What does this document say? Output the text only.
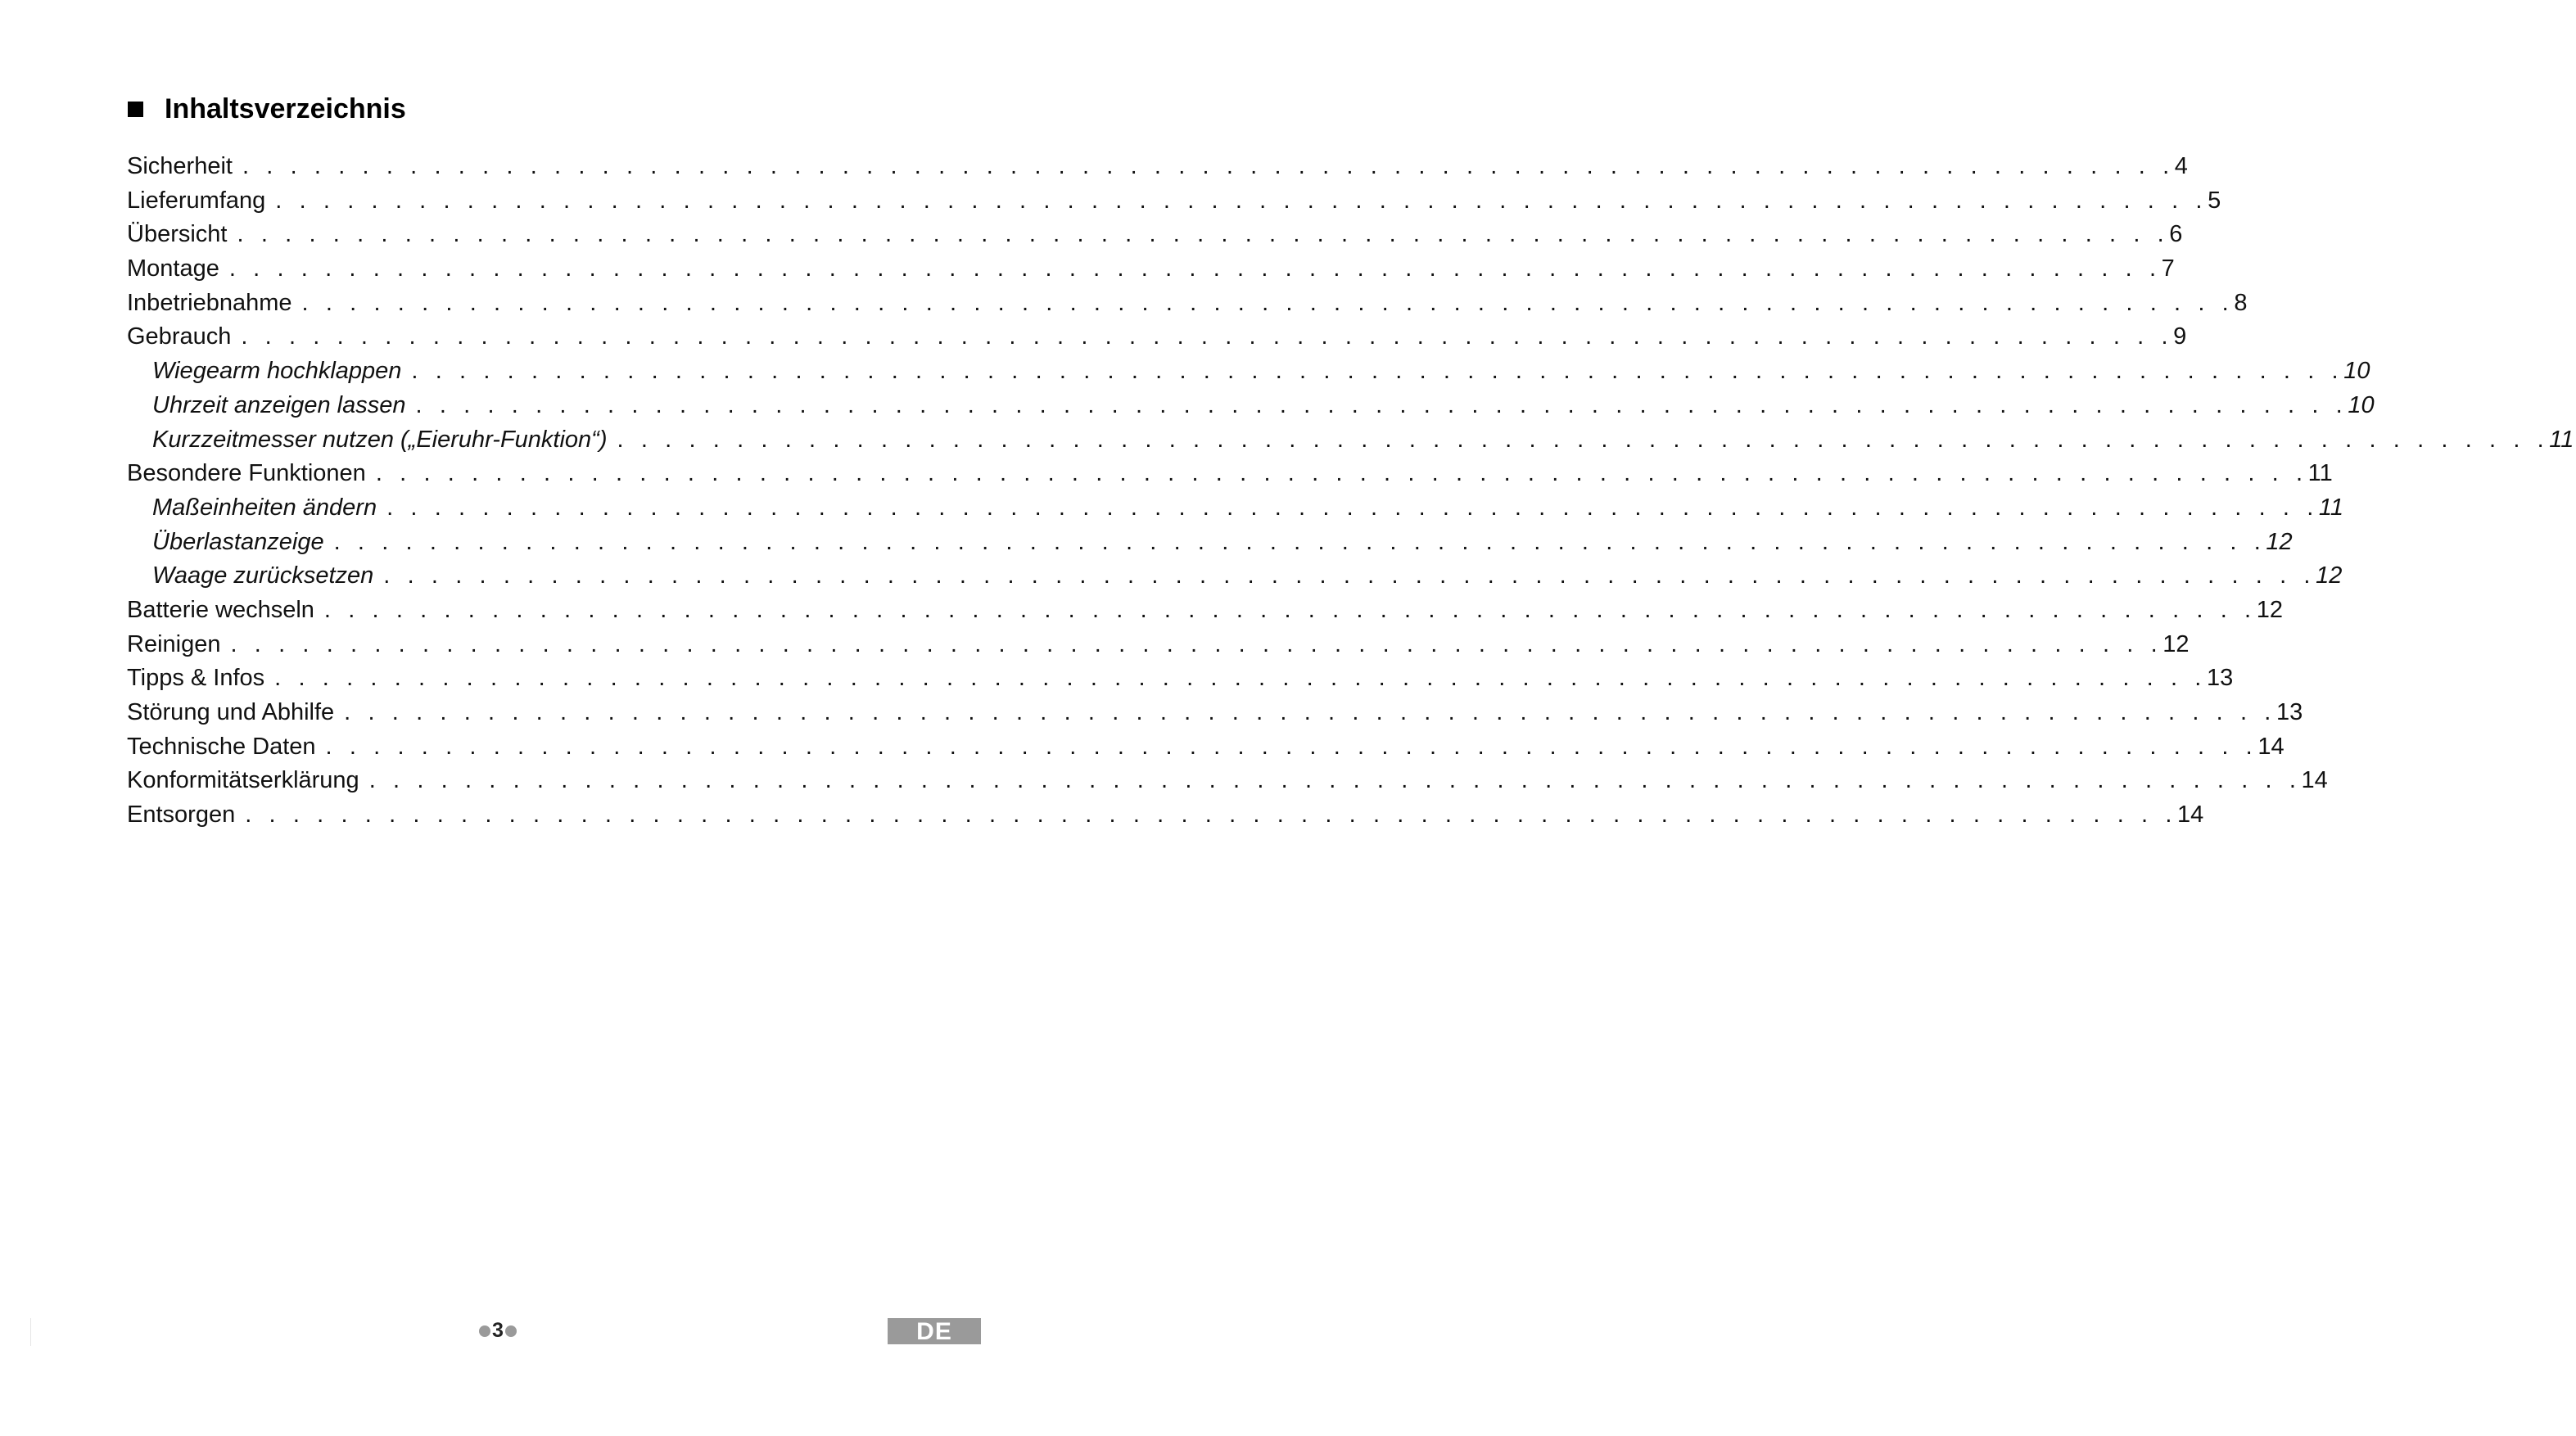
Inhaltsverzeichnis
Sicherheit . . . . . . . . . . . . . . . . . . . . . . . . . . . . . . . . . . . . . . . . . . . . . . . . . . . . . . . . . . . . . . . . . . . . . . . . . . . . . . . . . 4
Lieferumfang . . . . . . . . . . . . . . . . . . . . . . . . . . . . . . . . . . . . . . . . . . . . . . . . . . . . . . . . . . . . . . . . . . . . . . . . . . . . . . . . . 5
Übersicht . . . . . . . . . . . . . . . . . . . . . . . . . . . . . . . . . . . . . . . . . . . . . . . . . . . . . . . . . . . . . . . . . . . . . . . . . . . . . . . . . 6
Montage . . . . . . . . . . . . . . . . . . . . . . . . . . . . . . . . . . . . . . . . . . . . . . . . . . . . . . . . . . . . . . . . . . . . . . . . . . . . . . . . . 7
Inbetriebnahme . . . . . . . . . . . . . . . . . . . . . . . . . . . . . . . . . . . . . . . . . . . . . . . . . . . . . . . . . . . . . . . . . . . . . . . . . . . . . . . . . 8
Gebrauch . . . . . . . . . . . . . . . . . . . . . . . . . . . . . . . . . . . . . . . . . . . . . . . . . . . . . . . . . . . . . . . . . . . . . . . . . . . . . . . . . 9
Wiegearm hochklappen . . . . . . . . . . . . . . . . . . . . . . . . . . . . . . . . . . . . . . . . . . . . . . . . . . . . . . . . . . . . . . . . . . . . . . . . . . . . . . . . . 10
Uhrzeit anzeigen lassen . . . . . . . . . . . . . . . . . . . . . . . . . . . . . . . . . . . . . . . . . . . . . . . . . . . . . . . . . . . . . . . . . . . . . . . . . . . . . . . . . 10
Kurzzeitmesser nutzen („Eieruhr-Funktion“) . . . . . . . . . . . . . . . . . . . . . . . . . . . . . . . . . . . . . . . . . . . . . . . . . . . . . . . . . . . . . . . . . . . . . . . . . . . . . . . . . 11
Besondere Funktionen . . . . . . . . . . . . . . . . . . . . . . . . . . . . . . . . . . . . . . . . . . . . . . . . . . . . . . . . . . . . . . . . . . . . . . . . . . . . . . . . . 11
Maßeinheiten ändern . . . . . . . . . . . . . . . . . . . . . . . . . . . . . . . . . . . . . . . . . . . . . . . . . . . . . . . . . . . . . . . . . . . . . . . . . . . . . . . . . 11
Überlastanzeige . . . . . . . . . . . . . . . . . . . . . . . . . . . . . . . . . . . . . . . . . . . . . . . . . . . . . . . . . . . . . . . . . . . . . . . . . . . . . . . . . 12
Waage zurücksetzen . . . . . . . . . . . . . . . . . . . . . . . . . . . . . . . . . . . . . . . . . . . . . . . . . . . . . . . . . . . . . . . . . . . . . . . . . . . . . . . . . 12
Batterie wechseln . . . . . . . . . . . . . . . . . . . . . . . . . . . . . . . . . . . . . . . . . . . . . . . . . . . . . . . . . . . . . . . . . . . . . . . . . . . . . . . . . 12
Reinigen . . . . . . . . . . . . . . . . . . . . . . . . . . . . . . . . . . . . . . . . . . . . . . . . . . . . . . . . . . . . . . . . . . . . . . . . . . . . . . . . . 12
Tipps & Infos . . . . . . . . . . . . . . . . . . . . . . . . . . . . . . . . . . . . . . . . . . . . . . . . . . . . . . . . . . . . . . . . . . . . . . . . . . . . . . . . . 13
Störung und Abhilfe . . . . . . . . . . . . . . . . . . . . . . . . . . . . . . . . . . . . . . . . . . . . . . . . . . . . . . . . . . . . . . . . . . . . . . . . . . . . . . . . . 13
Technische Daten . . . . . . . . . . . . . . . . . . . . . . . . . . . . . . . . . . . . . . . . . . . . . . . . . . . . . . . . . . . . . . . . . . . . . . . . . . . . . . . . . 14
Konformitätserklärung . . . . . . . . . . . . . . . . . . . . . . . . . . . . . . . . . . . . . . . . . . . . . . . . . . . . . . . . . . . . . . . . . . . . . . . . . . . . . . . . . 14
Entsorgen . . . . . . . . . . . . . . . . . . . . . . . . . . . . . . . . . . . . . . . . . . . . . . . . . . . . . . . . . . . . . . . . . . . . . . . . . . . . . . . . . 14
3	DE
